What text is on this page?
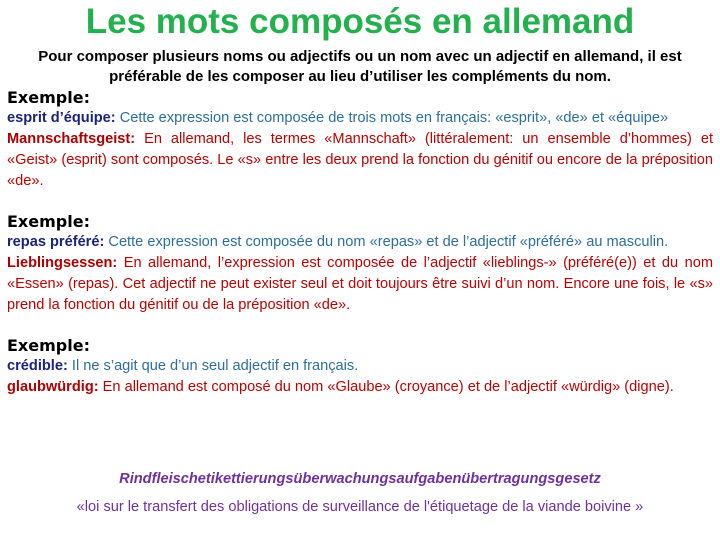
Les mots composés en allemand
Pour composer plusieurs noms ou adjectifs ou un nom avec un adjectif en allemand, il est préférable de les composer au lieu d’utiliser les compléments du nom.

Exemple:

esprit d’équipe: Cette expression est composée de trois mots en français: «esprit», «de» et «équipe»

Mannschaftsgeist: En allemand, les termes «Mannschaft» (littéralement: un ensemble d’hommes) et «Geist» (esprit) sont composés. Le «s» entre les deux prend la fonction du génitif ou encore de la préposition «de».

Exemple:

repas préféré: Cette expression est composée du nom «repas» et de l’adjectif «préféré» au masculin.

Lieblingsessen: En allemand, l’expression est composée de l’adjectif «lieblings-» (préféré(e)) et du nom «Essen» (repas). Cet adjectif ne peut exister seul et doit toujours être suivi d’un nom. Encore une fois, le «s» prend la fonction du génitif ou de la préposition «de».

Exemple:

crédible: Il ne s’agit que d’un seul adjectif en français.

glaubwürdig: En allemand est composé du nom «Glaube» (croyance) et de l’adjectif «würdig» (digne).

Rindfleischetikettierungsüberwachungsaufgabenübertragungsgesetz
«loi sur le transfert des obligations de surveillance de l'étiquetage de la viande boivine »
